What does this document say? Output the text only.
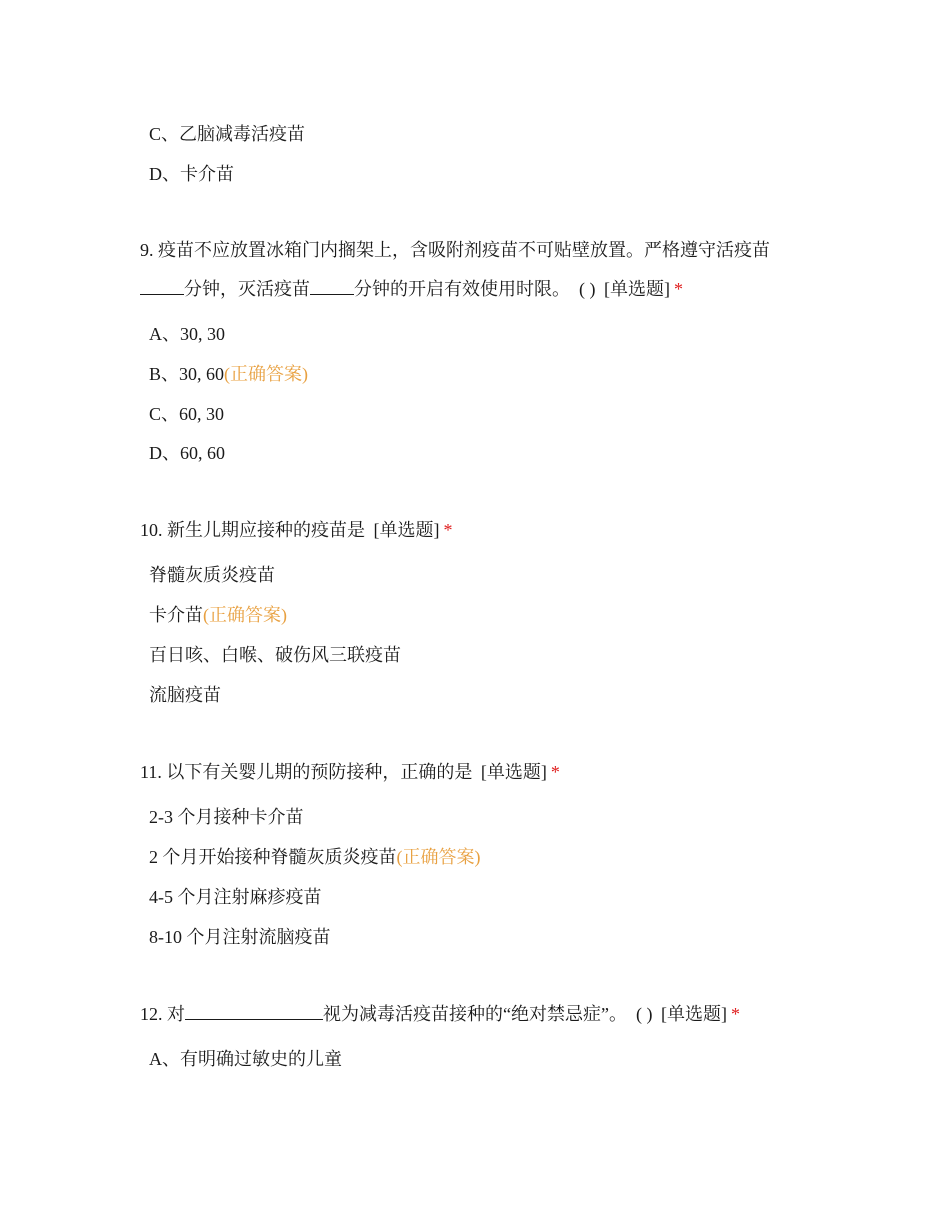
C、乙脑减毒活疫苗
D、卡介苗
9. 疫苗不应放置冰箱门内搁架上，含吸附剂疫苗不可贴壁放置。严格遵守活疫苗
分钟，灭活疫苗 分钟的开启有效使用时限。　( ) [单选题] *
A、30, 30
B、30, 60(正确答案)
C、60, 30
D、60, 60
10. 新生儿期应接种的疫苗是 [单选题] *
脊髓灰质炎疫苗
卡介苗(正确答案)
百日咳、白喉、破伤风三联疫苗
流脑疫苗
11. 以下有关婴儿期的预防接种，正确的是 [单选题] *
2-3 个月接种卡介苗
2 个月开始接种脊髓灰质炎疫苗(正确答案)
4-5 个月注射麻疹疫苗
8-10 个月注射流脑疫苗
12. 对	视为减毒活疫苗接种的“绝对禁忌症”。　( ) [单选题] *
A、有明确过敏史的儿童
